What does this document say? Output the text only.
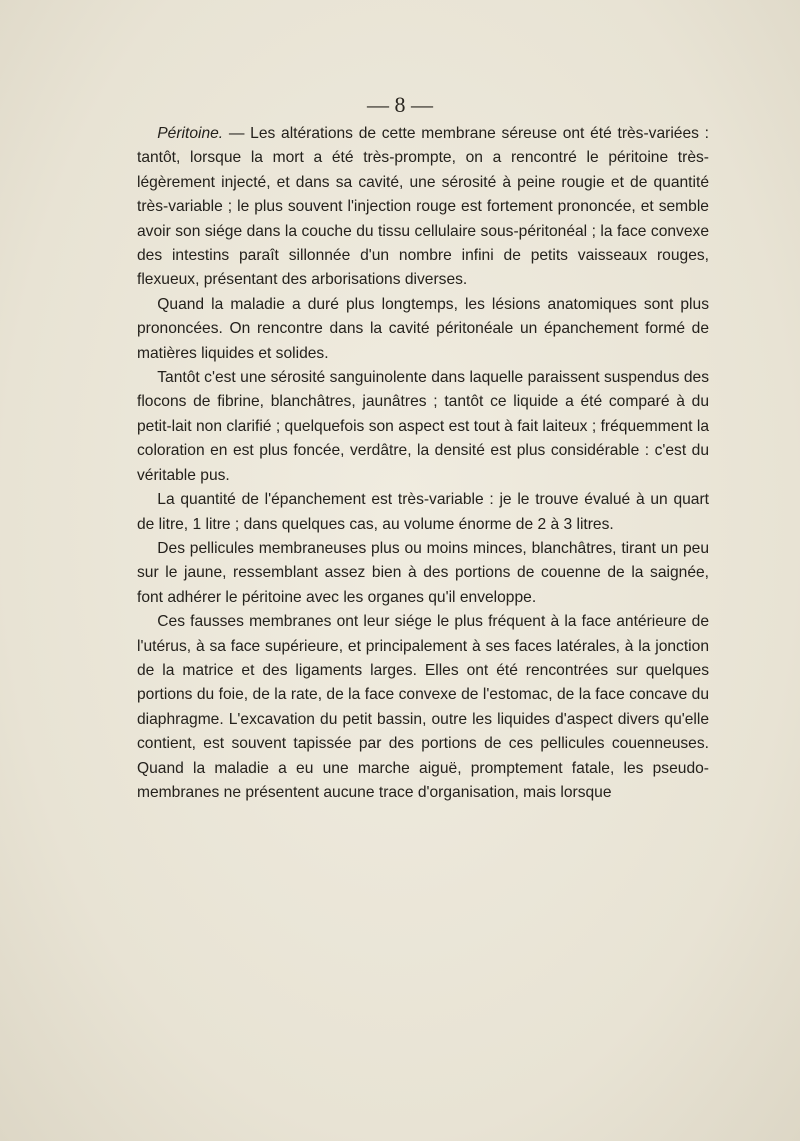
— 8 —

Péritoine. — Les altérations de cette membrane séreuse ont été très-variées : tantôt, lorsque la mort a été très-prompte, on a rencontré le péritoine très-légèrement injecté, et dans sa cavité, une sérosité à peine rougie et de quantité très-variable ; le plus souvent l'injection rouge est fortement prononcée, et semble avoir son siége dans la couche du tissu cellulaire sous-péritonéal ; la face convexe des intestins paraît sillonnée d'un nombre infini de petits vaisseaux rouges, flexueux, présentant des arborisations diverses.

Quand la maladie a duré plus longtemps, les lésions anatomiques sont plus prononcées. On rencontre dans la cavité péritonéale un épanchement formé de matières liquides et solides.

Tantôt c'est une sérosité sanguinolente dans laquelle paraissent suspendus des flocons de fibrine, blanchâtres, jaunâtres ; tantôt ce liquide a été comparé à du petit-lait non clarifié ; quelquefois son aspect est tout à fait laiteux ; fréquemment la coloration en est plus foncée, verdâtre, la densité est plus considérable : c'est du véritable pus.

La quantité de l'épanchement est très-variable : je le trouve évalué à un quart de litre, 1 litre ; dans quelques cas, au volume énorme de 2 à 3 litres.

Des pellicules membraneuses plus ou moins minces, blanchâtres, tirant un peu sur le jaune, ressemblant assez bien à des portions de couenne de la saignée, font adhérer le péritoine avec les organes qu'il enveloppe.

Ces fausses membranes ont leur siége le plus fréquent à la face antérieure de l'utérus, à sa face supérieure, et principalement à ses faces latérales, à la jonction de la matrice et des ligaments larges. Elles ont été rencontrées sur quelques portions du foie, de la rate, de la face convexe de l'estomac, de la face concave du diaphragme. L'excavation du petit bassin, outre les liquides d'aspect divers qu'elle contient, est souvent tapissée par des portions de ces pellicules couenneuses. Quand la maladie a eu une marche aiguë, promptement fatale, les pseudo-membranes ne présentent aucune trace d'organisation, mais lorsque
